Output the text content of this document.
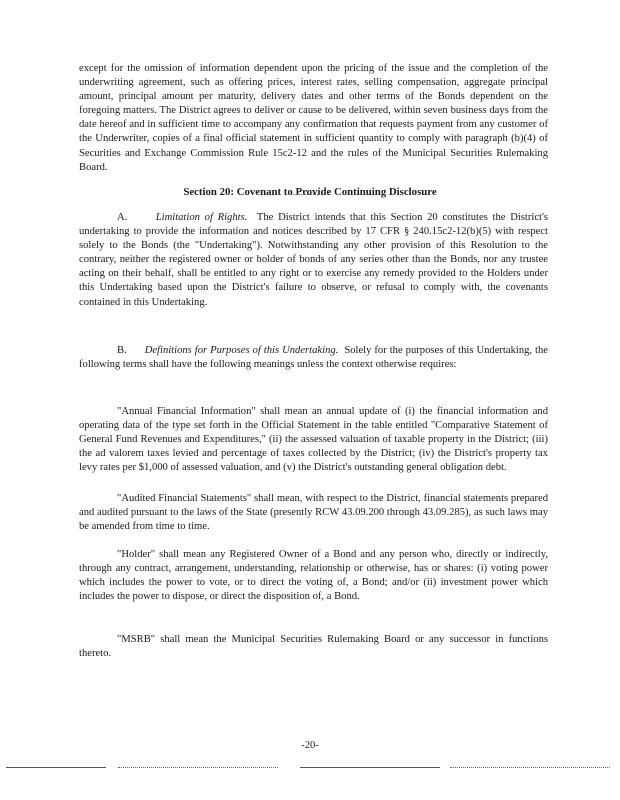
except for the omission of information dependent upon the pricing of the issue and the completion of the underwriting agreement, such as offering prices, interest rates, selling compensation, aggregate principal amount, principal amount per maturity, delivery dates and other terms of the Bonds dependent on the foregoing matters. The District agrees to deliver or cause to be delivered, within seven business days from the date hereof and in sufficient time to accompany any confirmation that requests payment from any customer of the Underwriter, copies of a final official statement in sufficient quantity to comply with paragraph (b)(4) of Securities and Exchange Commission Rule 15c2-12 and the rules of the Municipal Securities Rulemaking Board.

Section 20: Covenant to Provide Continuing Disclosure

A.	Limitation of Rights. The District intends that this Section 20 constitutes the District's undertaking to provide the information and notices described by 17 CFR § 240.15c2-12(b)(5) with respect solely to the Bonds (the "Undertaking"). Notwithstanding any other provision of this Resolution to the contrary, neither the registered owner or holder of bonds of any series other than the Bonds, nor any trustee acting on their behalf, shall be entitled to any right or to exercise any remedy provided to the Holders under this Undertaking based upon the District's failure to observe, or refusal to comply with, the covenants contained in this Undertaking.

B. Definitions for Purposes of this Undertaking. Solely for the purposes of this Undertaking, the following terms shall have the following meanings unless the context otherwise requires:

"Annual Financial Information" shall mean an annual update of (i) the financial information and operating data of the type set forth in the Official Statement in the table entitled "Comparative Statement of General Fund Revenues and Expenditures," (ii) the assessed valuation of taxable property in the District; (iii) the ad valorem taxes levied and percentage of taxes collected by the District; (iv) the District's property tax levy rates per $1,000 of assessed valuation, and (v) the District's outstanding general obligation debt.

"Audited Financial Statements" shall mean, with respect to the District, financial statements prepared and audited pursuant to the laws of the State (presently RCW 43.09.200 through 43.09.285), as such laws may be amended from time to time.

"Holder" shall mean any Registered Owner of a Bond and any person who, directly or indirectly, through any contract, arrangement, understanding, relationship or otherwise, has or shares: (i) voting power which includes the power to vote, or to direct the voting of, a Bond; and/or (ii) investment power which includes the power to dispose, or direct the disposition of, a Bond.

"MSRB" shall mean the Municipal Securities Rulemaking Board or any successor in functions thereto.

-20-
